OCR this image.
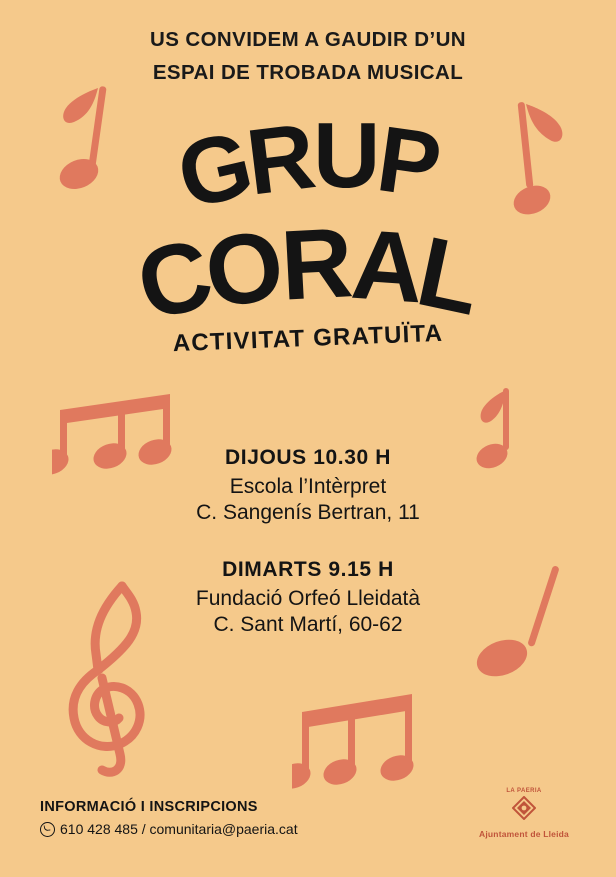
US CONVIDEM A GAUDIR D’UN
ESPAI DE TROBADA MUSICAL
GRUP
CORAL
ACTIVITAT GRATUÏTA
DIJOUS 10.30 H
Escola l’Intèrpret
C. Sangenís Bertran, 11
DIMARTS 9.15 H
Fundació Orfeó Lleidatà
C. Sant Martí, 60-62
INFORMACIÓ I INSCRIPCIONS
610 428 485 / comunitaria@paeria.cat
LA PAERIA
Ajuntament de Lleida
